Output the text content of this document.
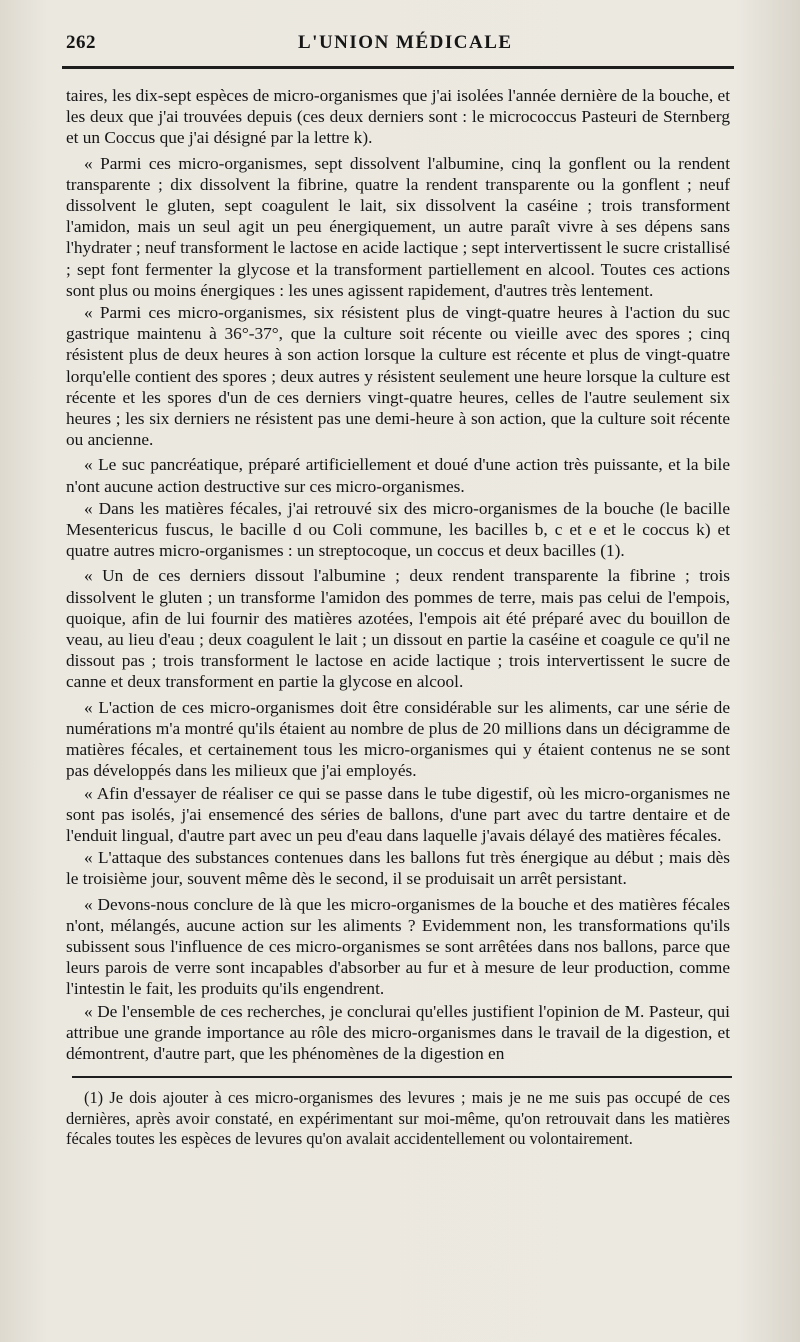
262	L'UNION MÉDICALE

taires, les dix-sept espèces de micro-organismes que j'ai isolées l'année dernière de la bouche, et les deux que j'ai trouvées depuis (ces deux derniers sont : le micrococcus Pasteuri de Sternberg et un Coccus que j'ai désigné par la lettre k).

« Parmi ces micro-organismes, sept dissolvent l'albumine, cinq la gonflent ou la rendent transparente ; dix dissolvent la fibrine, quatre la rendent transparente ou la gonflent ; neuf dissolvent le gluten, sept coagulent le lait, six dissolvent la caséine ; trois transforment l'amidon, mais un seul agit un peu énergiquement, un autre paraît vivre à ses dépens sans l'hydrater ; neuf transforment le lactose en acide lactique ; sept intervertissent le sucre cristallisé ; sept font fermenter la glycose et la transforment partiellement en alcool. Toutes ces actions sont plus ou moins énergiques : les unes agissent rapidement, d'autres très lentement.

« Parmi ces micro-organismes, six résistent plus de vingt-quatre heures à l'action du suc gastrique maintenu à 36°-37°, que la culture soit récente ou vieille avec des spores ; cinq résistent plus de deux heures à son action lorsque la culture est récente et plus de vingt-quatre lorqu'elle contient des spores ; deux autres y résistent seulement une heure lorsque la culture est récente et les spores d'un de ces derniers vingt-quatre heures, celles de l'autre seulement six heures ; les six derniers ne résistent pas une demi-heure à son action, que la culture soit récente ou ancienne.

« Le suc pancréatique, préparé artificiellement et doué d'une action très puissante, et la bile n'ont aucune action destructive sur ces micro-organismes.

« Dans les matières fécales, j'ai retrouvé six des micro-organismes de la bouche (le bacille Mesentericus fuscus, le bacille d ou Coli commune, les bacilles b, c et e et le coccus k) et quatre autres micro-organismes : un streptocoque, un coccus et deux bacilles (1).

« Un de ces derniers dissout l'albumine ; deux rendent transparente la fibrine ; trois dissolvent le gluten ; un transforme l'amidon des pommes de terre, mais pas celui de l'empois, quoique, afin de lui fournir des matières azotées, l'empois ait été préparé avec du bouillon de veau, au lieu d'eau ; deux coagulent le lait ; un dissout en partie la caséine et coagule ce qu'il ne dissout pas ; trois transforment le lactose en acide lactique ; trois intervertissent le sucre de canne et deux transforment en partie la glycose en alcool.

« L'action de ces micro-organismes doit être considérable sur les aliments, car une série de numérations m'a montré qu'ils étaient au nombre de plus de 20 millions dans un décigramme de matières fécales, et certainement tous les micro-organismes qui y étaient contenus ne se sont pas développés dans les milieux que j'ai employés.

« Afin d'essayer de réaliser ce qui se passe dans le tube digestif, où les micro-organismes ne sont pas isolés, j'ai ensemencé des séries de ballons, d'une part avec du tartre dentaire et de l'enduit lingual, d'autre part avec un peu d'eau dans laquelle j'avais délayé des matières fécales.

« L'attaque des substances contenues dans les ballons fut très énergique au début ; mais dès le troisième jour, souvent même dès le second, il se produisait un arrêt persistant.

« Devons-nous conclure de là que les micro-organismes de la bouche et des matières fécales n'ont, mélangés, aucune action sur les aliments ? Evidemment non, les transformations qu'ils subissent sous l'influence de ces micro-organismes se sont arrêtées dans nos ballons, parce que leurs parois de verre sont incapables d'absorber au fur et à mesure de leur production, comme l'intestin le fait, les produits qu'ils engendrent.

« De l'ensemble de ces recherches, je conclurai qu'elles justifient l'opinion de M. Pasteur, qui attribue une grande importance au rôle des micro-organismes dans le travail de la digestion, et démontrent, d'autre part, que les phénomènes de la digestion en

(1) Je dois ajouter à ces micro-organismes des levures ; mais je ne me suis pas occupé de ces dernières, après avoir constaté, en expérimentant sur moi-même, qu'on retrouvait dans les matières fécales toutes les espèces de levures qu'on avalait accidentellement ou volontairement.
